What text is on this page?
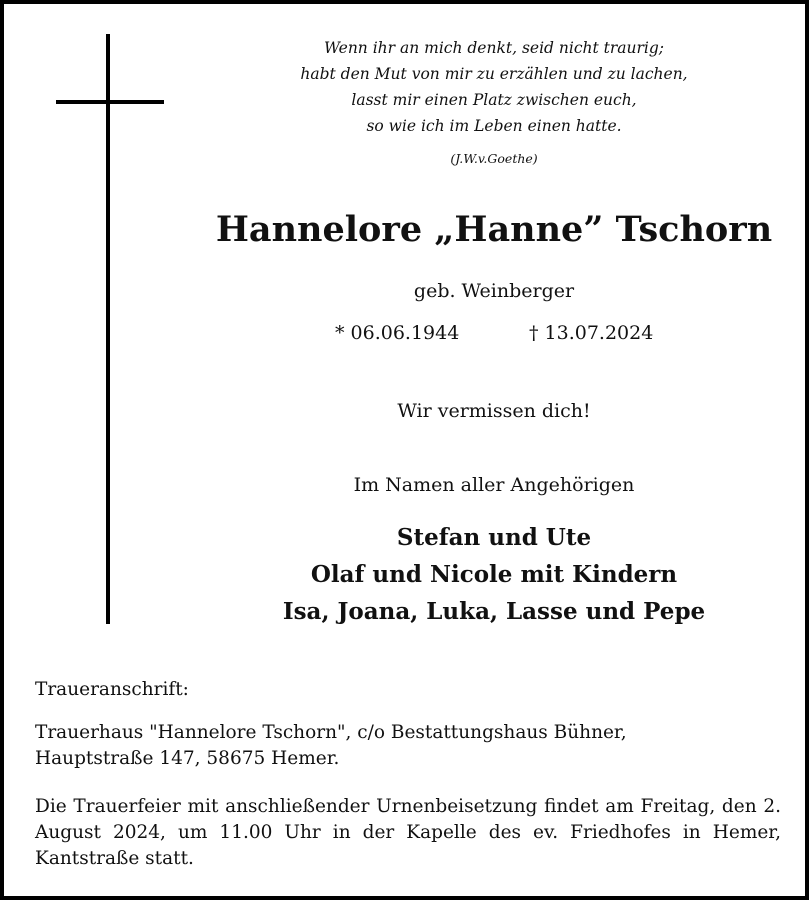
Wenn ihr an mich denkt, seid nicht traurig;
habt den Mut von mir zu erzählen und zu lachen,
lasst mir einen Platz zwischen euch,
so wie ich im Leben einen hatte.
(J.W.v.Goethe)
Hannelore „Hanne” Tschorn
geb. Weinberger
* 06.06.1944	† 13.07.2024
Wir vermissen dich!
Im Namen aller Angehörigen
Stefan und Ute
Olaf und Nicole mit Kindern
Isa, Joana, Luka, Lasse und Pepe
Traueranschrift:
Trauerhaus "Hannelore Tschorn", c/o Bestattungshaus Bühner,
Hauptstraße 147, 58675 Hemer.
Die Trauerfeier mit anschließender Urnenbeisetzung findet am Freitag, den 2. August 2024, um 11.00 Uhr in der Kapelle des ev. Friedhofes in Hemer, Kantstraße statt.
